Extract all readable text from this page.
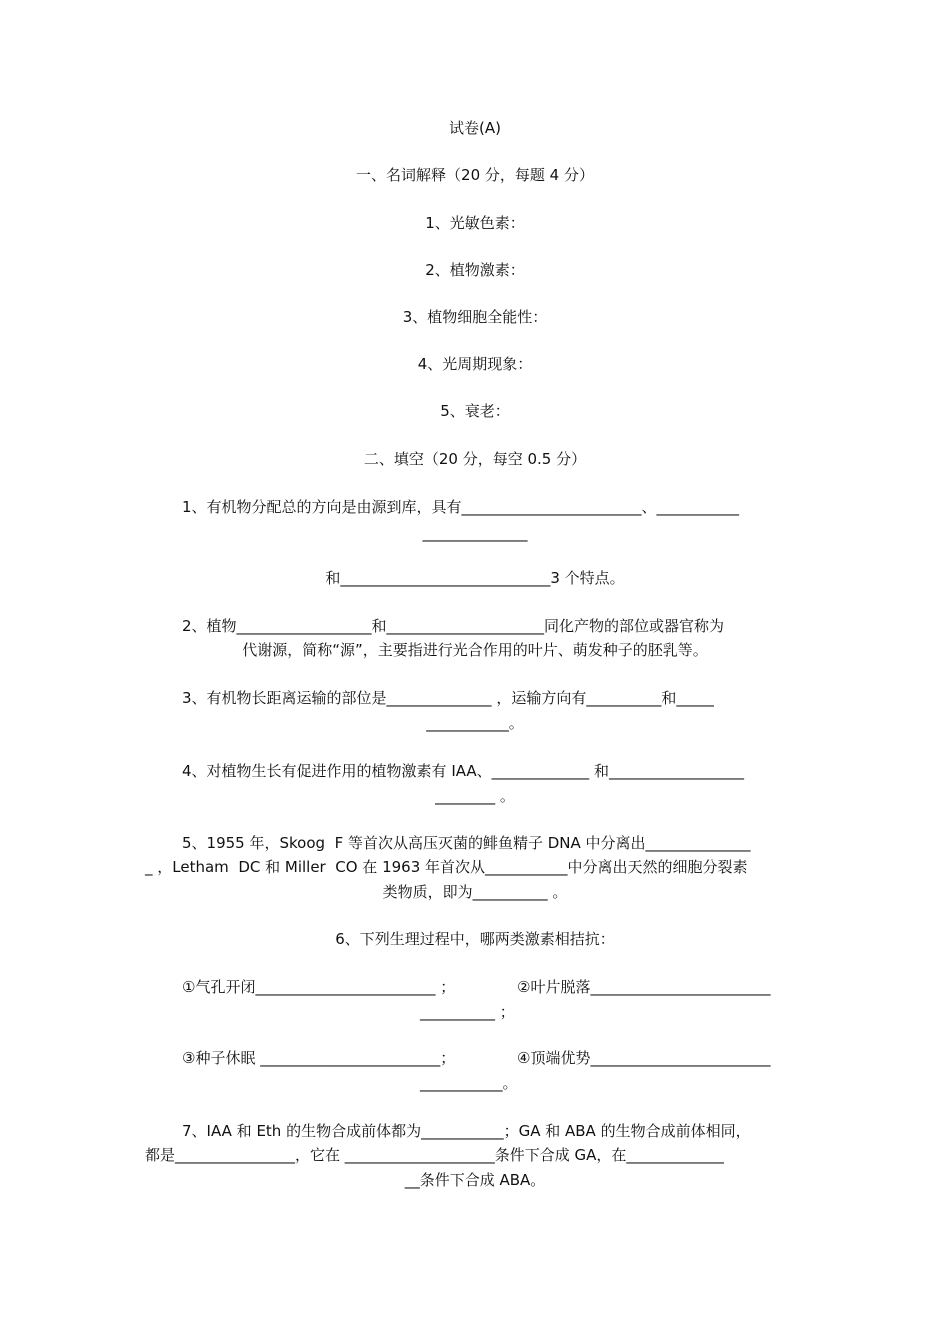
试卷(A)
一、名词解释（20 分，每题 4 分）
1、光敏色素：
2、植物激素：
3、植物细胞全能性：
4、光周期现象：
5、衰老：
二、填空（20 分，每空 0.5 分）
1、有机物分配总的方向是由源到库，具有________________________、___________
______________
和____________________________3 个特点。
2、植物__________________和_____________________同化产物的部位或器官称为
代谢源，简称“源”，主要指进行光合作用的叶片、萌发种子的胚乳等。
3、有机物长距离运输的部位是______________ ，运输方向有__________和_____
___________。
4、对植物生长有促进作用的植物激素有 IAA、_____________ 和__________________
________ 。
5、1955 年，Skoog  F 等首次从高压灭菌的鲱鱼精子 DNA 中分离出______________
_ ，Letham  DC 和 Miller  CO 在 1963 年首次从___________中分离出天然的细胞分裂素
类物质，即为__________ 。
6、下列生理过程中，哪两类激素相拮抗：
①气孔开闭________________________ ；	②叶片脱落________________________
__________ ；
③种子休眠 ________________________；	④顶端优势________________________
___________。
7、IAA 和 Eth 的生物合成前体都为___________；GA 和 ABA 的生物合成前体相同，
都是________________，它在 ____________________条件下合成 GA，在_____________
__条件下合成 ABA。
